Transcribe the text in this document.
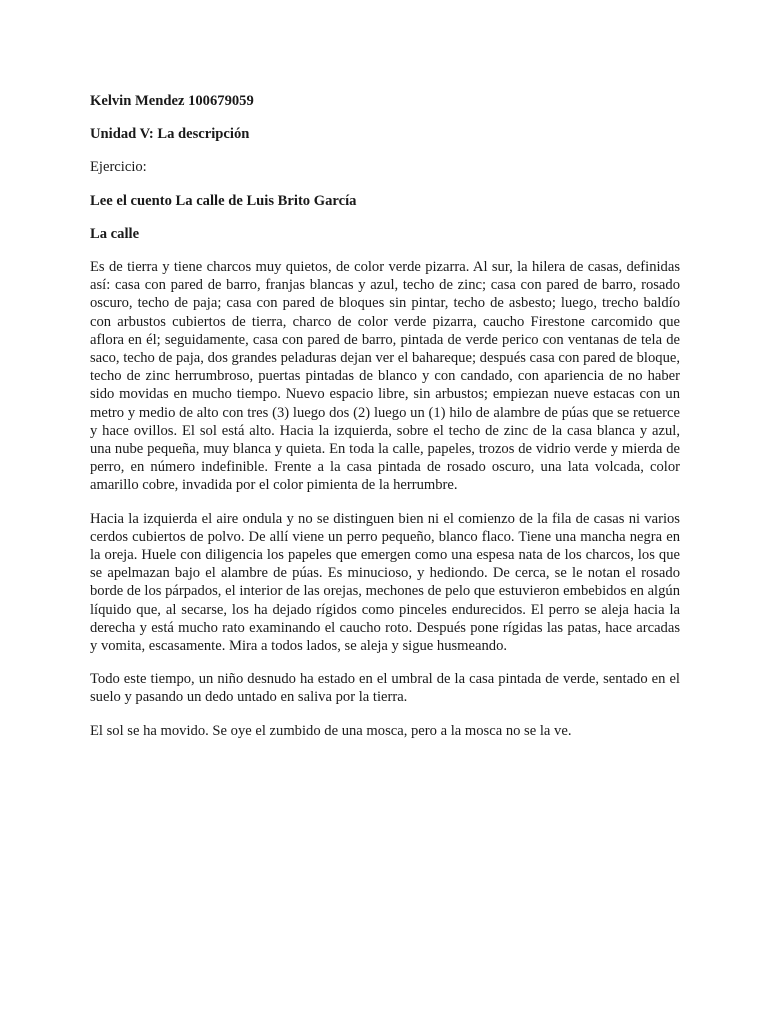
Kelvin Mendez 100679059

Unidad V: La descripción

Ejercicio:

Lee el cuento La calle de Luis Brito García

La calle

Es de tierra y tiene charcos muy quietos, de color verde pizarra. Al sur, la hilera de casas, definidas así: casa con pared de barro, franjas blancas y azul, techo de zinc; casa con pared de barro, rosado oscuro, techo de paja; casa con pared de bloques sin pintar, techo de asbesto; luego, trecho baldío con arbustos cubiertos de tierra, charco de color verde pizarra, caucho Firestone carcomido que aflora en él; seguidamente, casa con pared de barro, pintada de verde perico con ventanas de tela de saco, techo de paja, dos grandes peladuras dejan ver el bahareque; después casa con pared de bloque, techo de zinc herrumbroso, puertas pintadas de blanco y con candado, con apariencia de no haber sido movidas en mucho tiempo. Nuevo espacio libre, sin arbustos; empiezan nueve estacas con un metro y medio de alto con tres (3) luego dos (2) luego un (1) hilo de alambre de púas que se retuerce y hace ovillos. El sol está alto. Hacia la izquierda, sobre el techo de zinc de la casa blanca y azul, una nube pequeña, muy blanca y quieta. En toda la calle, papeles, trozos de vidrio verde y mierda de perro, en número indefinible. Frente a la casa pintada de rosado oscuro, una lata volcada, color amarillo cobre, invadida por el color pimienta de la herrumbre.

Hacia la izquierda el aire ondula y no se distinguen bien ni el comienzo de la fila de casas ni varios cerdos cubiertos de polvo. De allí viene un perro pequeño, blanco flaco. Tiene una mancha negra en la oreja. Huele con diligencia los papeles que emergen como una espesa nata de los charcos, los que se apelmazan bajo el alambre de púas. Es minucioso, y hediondo. De cerca, se le notan el rosado borde de los párpados, el interior de las orejas, mechones de pelo que estuvieron embebidos en algún líquido que, al secarse, los ha dejado rígidos como pinceles endurecidos. El perro se aleja hacia la derecha y está mucho rato examinando el caucho roto. Después pone rígidas las patas, hace arcadas y vomita, escasamente. Mira a todos lados, se aleja y sigue husmeando.

Todo este tiempo, un niño desnudo ha estado en el umbral de la casa pintada de verde, sentado en el suelo y pasando un dedo untado en saliva por la tierra.

El sol se ha movido. Se oye el zumbido de una mosca, pero a la mosca no se la ve.
